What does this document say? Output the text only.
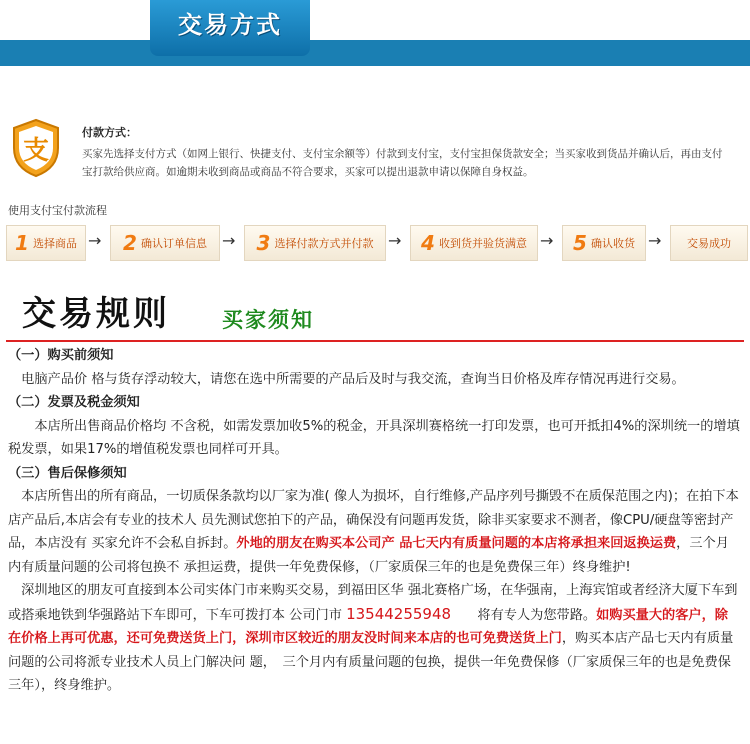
交易方式
支
付款方式：
买家先选择支付方式（如网上银行、快捷支付、支付宝余额等）付款到支付宝，支付宝担保货款安全；当买家收到货品并确认后，再由支付宝打款给供应商。如逾期未收到商品或商品不符合要求，买家可以提出退款申请以保障自身权益。
使用支付宝付款流程
1 选择商品 → 2 确认订单信息 → 3 选择付款方式并付款 → 4 收到货并验货满意 → 5 确认收货 → 交易成功
交易规则 买家须知

（一）购买前须知

　电脑产品价 格与货存浮动较大，请您在选中所需要的产品后及时与我交流，查询当日价格及库存情况再进行交易。

（二）发票及税金须知

　　本店所出售商品价格均 不含税，如需发票加收5%的税金，开具深圳赛格统一打印发票，也可开抵扣4%的深圳统一的增填税发票，如果17%的增值税发票也同样可开具。

（三）售后保修须知

　本店所售出的所有商品，一切质保条款均以厂家为准( 像人为损坏，自行维修,产品序列号撕毁不在质保范围之内)；在拍下本店产品后,本店会有专业的技术人 员先测试您拍下的产品，确保没有问题再发货，除非买家要求不测者，像CPU/硬盘等密封产品，本店没有 买家允许不会私自拆封。外地的朋友在购买本公司产 品七天内有质量问题的本店将承担来回返换运费，三个月内有质量问题的公司将包换不 承担运费，提供一年免费保修，（厂家质保三年的也是免费保三年）终身维护!

　深圳地区的朋友可直接到本公司实体门市来购买交易，到福田区华 强北赛格广场，在华强南，上海宾馆或者经济大厦下车到或搭乘地铁到华强路站下车即可，下车可拨打本 公司门市 13544255948　　将有专人为您带路。如购买量大的客户，除在价格上再可优惠，还可免费送货上门，深圳市区较近的朋友没时间来本店的也可免费送货上门，购买本店产品七天内有质量问题的公司将派专业技术人员上门解决问 题，　三个月内有质量问题的包换，提供一年免费保修（厂家质保三年的也是免费保三年），终身维护。
